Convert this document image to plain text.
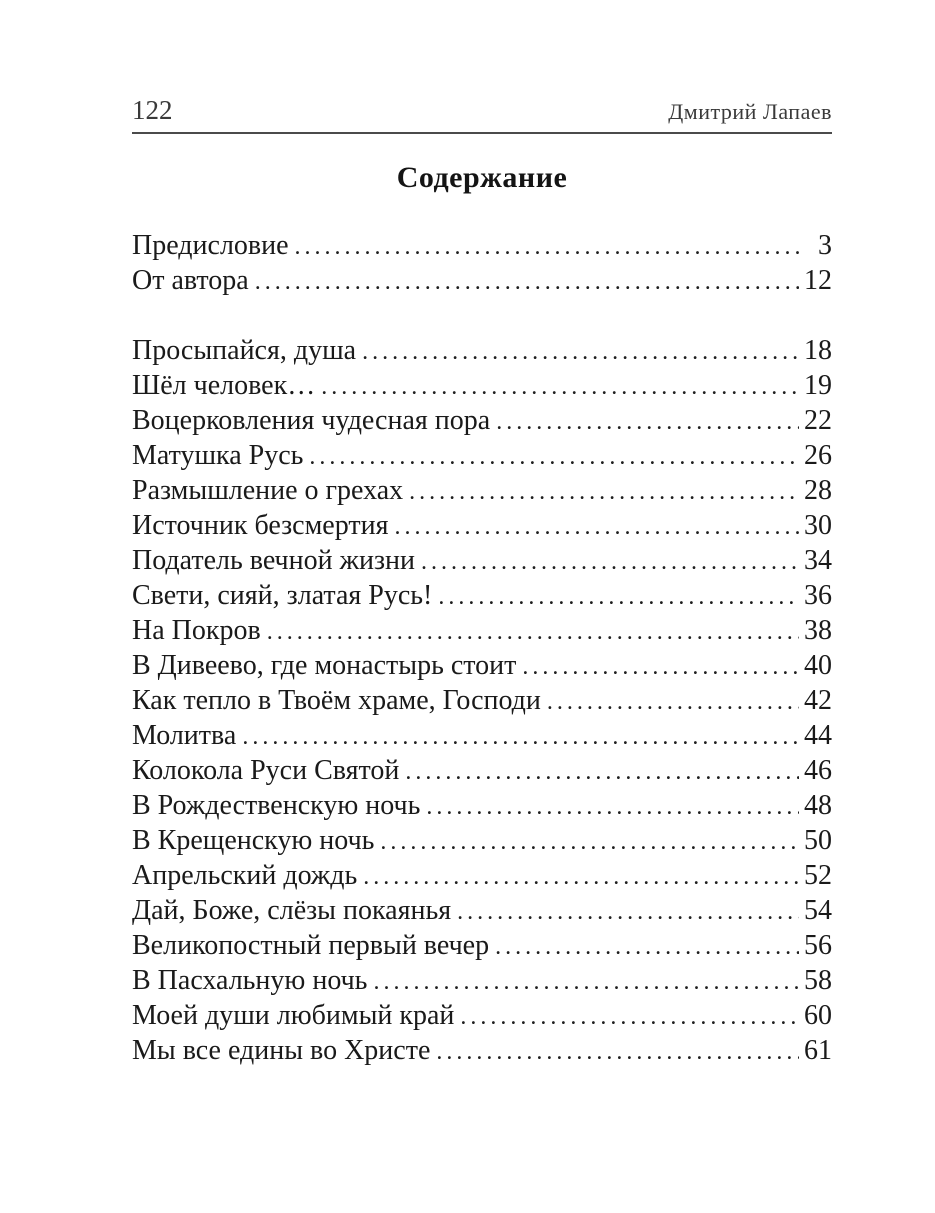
122	Дмитрий Лапаев
Содержание
Предисловие . . .	3
От автора . . .	12
Просыпайся, душа . . .	18
Шёл человек… . . .	19
Воцерковления чудесная пора . . .	22
Матушка Русь . . .	26
Размышление о грехах . . .	28
Источник безсмертия . . .	30
Податель вечной жизни . . .	34
Свети, сияй, златая Русь! . . .	36
На Покров . . .	38
В Дивеево, где монастырь стоит . . .	40
Как тепло в Твоём храме, Господи . . .	42
Молитва . . .	44
Колокола Руси Святой . . .	46
В Рождественскую ночь . . .	48
В Крещенскую ночь . . .	50
Апрельский дождь . . .	52
Дай, Боже, слёзы покаянья . . .	54
Великопостный первый вечер . . .	56
В Пасхальную ночь . . .	58
Моей души любимый край . . .	60
Мы все едины во Христе . . .	61
